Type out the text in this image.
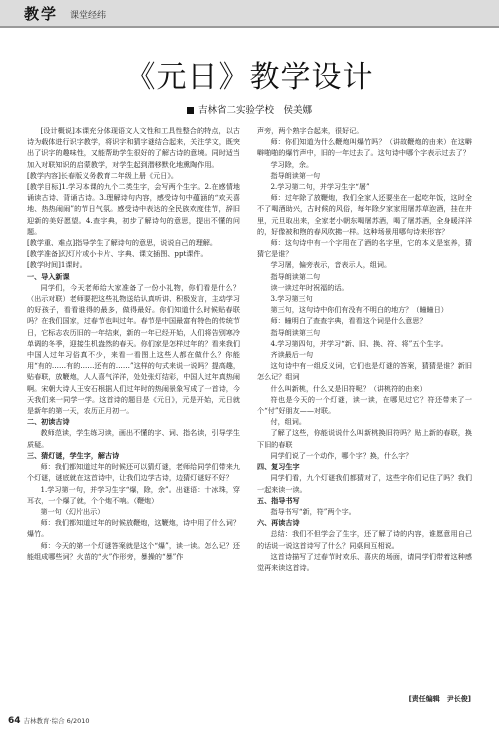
教学 课堂经纬
《元日》教学设计
吉林省二实验学校　侯美娜

[设计概说]本课充分体现语文人文性和工具性整合的特点，以古诗为载体进行识字教学，将识字和猜字谜结合起来，关注学文，既突出了识字的趣味性，又能帮助学生很好的了解古诗的意境。同时适当加入对联知识的启蒙教学，对学生起到潜移默化地熏陶作用。

[教学内容]长春版义务教育二年级上册《元日》。

[教学目标]1.学习本课的九个二类生字，会写两个生字。2.在感情地诵读古诗、背诵古诗。3.理解诗句内容，感受诗句中蕴涵的“欢天喜地、热热闹闹”的节日气氛。感受诗中表达的全民族欢度佳节，辞旧迎新的美好愿望。4.查字典，初步了解诗句的意思，提出不懂的问题。

[教学重、难点]指导学生了解诗句的意思，说说自己的理解。

[教学准备]幻灯片或小卡片、字典、课文插图、ppt课件。

[教学时间]1课时。

一、导入新课

同学们，今天老师给大家准备了一份小礼物，你们看是什么？（出示对联）老师要把这些礼物送给认真听讲、积极发言，主动学习的好孩子，看看谁得的最多，做得最好。你们知道什么时候贴春联吗？在我们国家，过春节也叫过年。春节是中国最富有特色的传统节日，它标志农历旧的一年结束，新的一年已经开始，人们将告别寒冷单调的冬季，迎接生机盎然的春天。你们家是怎样过年的？看来我们中国人过年习俗真不少，来看一看图上这些人都在做什么？你能用“有的……有的……还有的……”这样的句式来说一说吗？提高趣，贴春联，放鞭炮，人人喜气洋洋，处处张灯结彩，中国人过年真热闹啊。宋朝大诗人王安石根据人们过年时的热闹景象写成了一首诗，今天我们来一同学一学。这首诗的题目是《元日》，元是开始，元日就是新年的第一天，农历正月初一。

二、初读古诗

教师范读，学生练习读，画出不懂的字、词、指名读，引导学生质疑。

三、猜灯谜，学生字，解古诗

师：我们都知道过年的时候还可以猜灯谜，老师给同学们带来九个灯谜，谜底就在这首诗中，让我们边学古诗，边猜灯谜好不好？

1.学习第一句，并学习生字“爆，除，余”。出谜语：十冰珠，穿耳衣，一个爆了就，个个炮不响。（鞭炮）

第一句（幻片出示）

师：我们都知道过年的时候放鞭炮，这鞭炮，诗中用了什么词？爆竹。

师：今天的第一个灯谜答案就是这个“爆”，读一读。怎么记？还能组成哪些词？火苗的“火”作形旁，暴操的“暴”作

声旁，两个熟字合起来，很好记。

师：你们知道为什么鞭炮叫爆竹吗？（讲故鞭炮的由来）在这噼噼啪啪的爆竹声中，旧的一年过去了。这句诗中哪个字表示过去了？

学习除，余。

指导朗读第一句

2.学习第二句，并学习生字“屠”

师：过年除了放鞭炮，我们全家人还要坐在一起吃年饭，这时全不了喝酒助兴，古时候的风俗，每年除夕家家用屠苏草泡酒，挂在井里，元旦取出来，全家老小朝东喝屠苏酒，喝了屠苏酒，全身暖洋洋的，好像被和煦的春风吹拂一样。这种场景用哪句诗来形容？

师：这句诗中有一个字用在了酒的名字里，它的本义是室养，猜猜它是谁？

学习屠，偏旁表示，音表示人，组词。

指导朗读第二句

读一读过年时祝福的话。

3.学习第三句

第三句，这句诗中你们有没有不明白的地方？（瞳瞳日）

师：瞳明白了查查字典，看看这个词是什么意思？

指导朗读第三句

4.学习第四句，并学习“新、旧、换、符、将”五个生字。

齐读最后一句

这句诗中有一组反义词，它们也是灯谜的答案，猜猜是谁？新旧怎么记？组词

什么叫新桃，什么又是旧符呢？（讲桃符的由来）

符也是今天的一个灯谜，读一读，在哪见过它？符还带来了一个“付”好朋友——对联。

付，组词。

了解了这些，你能说说什么叫新桃换旧符吗？贴上新的春联，换下旧的春联

同学们说了一个动作，哪个字？换，什么字？

四、复习生字

同学们看，九个灯谜我们都猜对了，这些字你们记住了吗？我们一起来读一读。

五、指导书写

指导书写“新，符”两个字。

六、再读古诗

总结：我们不但学会了生字，还了解了诗的内容，谁愿意用自己的话说一说这首诗写了什么？同桌间互相说。

这首诗描写了过春节时欢乐、喜庆的场面，请同学们带着这种感觉再来读这首诗。

[责任编辑　尹长俊]
64 吉林教育·综合 6/2010
